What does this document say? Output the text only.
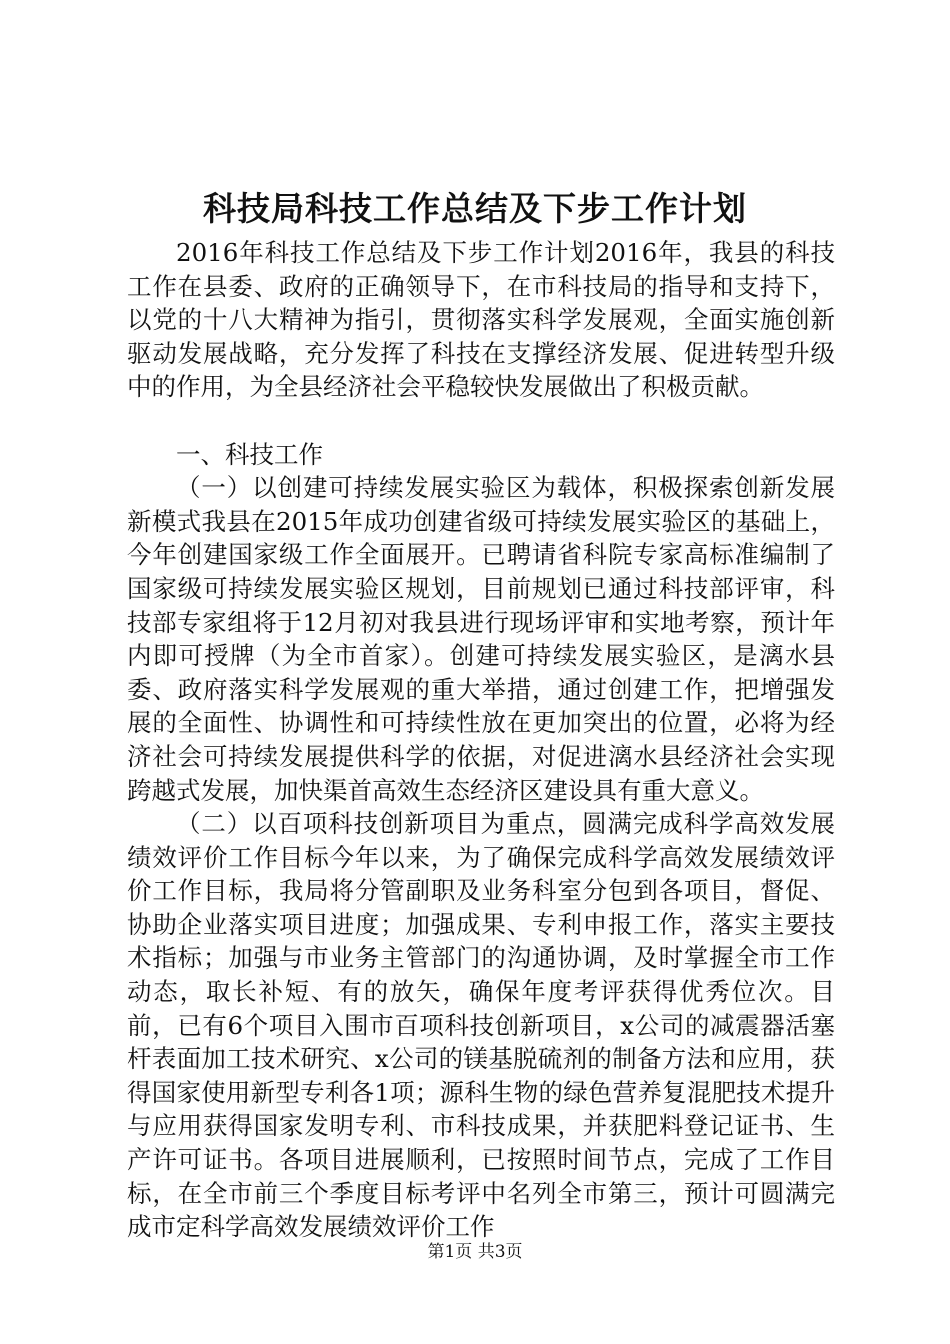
科技局科技工作总结及下步工作计划

2016年科技工作总结及下步工作计划2016年，我县的科技工作在县委、政府的正确领导下，在市科技局的指导和支持下，以党的十八大精神为指引，贯彻落实科学发展观，全面实施创新驱动发展战略，充分发挥了科技在支撑经济发展、促进转型升级中的作用，为全县经济社会平稳较快发展做出了积极贡献。

一、科技工作

（一）以创建可持续发展实验区为载体，积极探索创新发展新模式我县在2015年成功创建省级可持续发展实验区的基础上，今年创建国家级工作全面展开。已聘请省科院专家高标准编制了国家级可持续发展实验区规划，目前规划已通过科技部评审，科技部专家组将于12月初对我县进行现场评审和实地考察，预计年内即可授牌（为全市首家）。创建可持续发展实验区，是漓水县委、政府落实科学发展观的重大举措，通过创建工作，把增强发展的全面性、协调性和可持续性放在更加突出的位置，必将为经济社会可持续发展提供科学的依据，对促进漓水县经济社会实现跨越式发展，加快渠首高效生态经济区建设具有重大意义。

（二）以百项科技创新项目为重点，圆满完成科学高效发展绩效评价工作目标今年以来，为了确保完成科学高效发展绩效评价工作目标，我局将分管副职及业务科室分包到各项目，督促、协助企业落实项目进度；加强成果、专利申报工作，落实主要技术指标；加强与市业务主管部门的沟通协调，及时掌握全市工作动态，取长补短、有的放矢，确保年度考评获得优秀位次。目前，已有6个项目入围市百项科技创新项目，x公司的减震器活塞杆表面加工技术研究、x公司的镁基脱硫剂的制备方法和应用，获得国家使用新型专利各1项；源科生物的绿色营养复混肥技术提升与应用获得国家发明专利、市科技成果，并获肥料登记证书、生产许可证书。各项目进展顺利，已按照时间节点，完成了工作目标，在全市前三个季度目标考评中名列全市第三，预计可圆满完成市定科学高效发展绩效评价工作

第1页 共3页
